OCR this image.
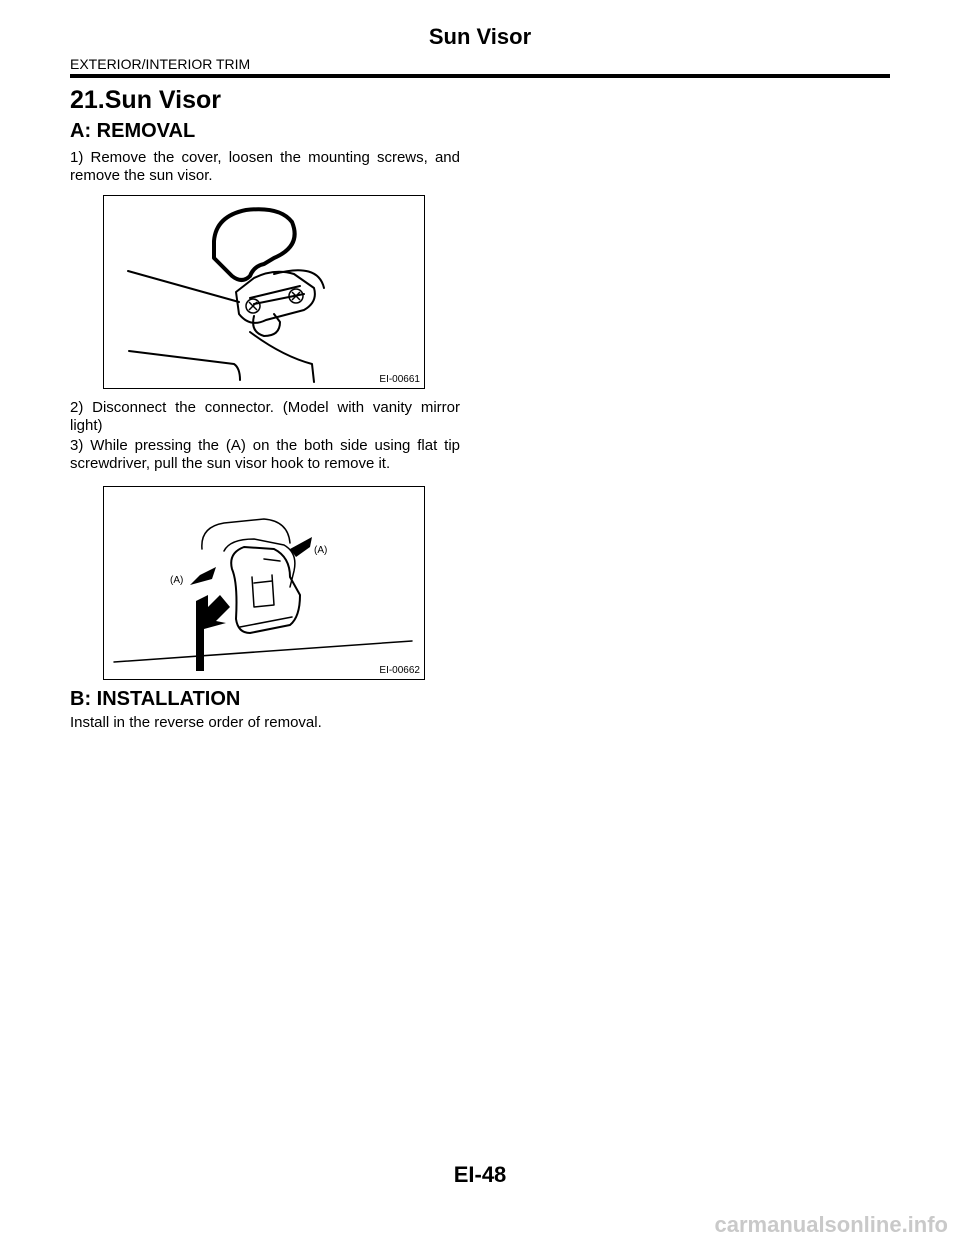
Sun Visor
EXTERIOR/INTERIOR TRIM
21.Sun Visor
A: REMOVAL
1) Remove the cover, loosen the mounting screws, and remove the sun visor.
EI-00661
2) Disconnect the connector. (Model with vanity mirror light)
3) While pressing the (A) on the both side using flat tip screwdriver, pull the sun visor hook to remove it.
(A)
(A)
EI-00662
B: INSTALLATION
Install in the reverse order of removal.
EI-48
carmanualsonline.info
